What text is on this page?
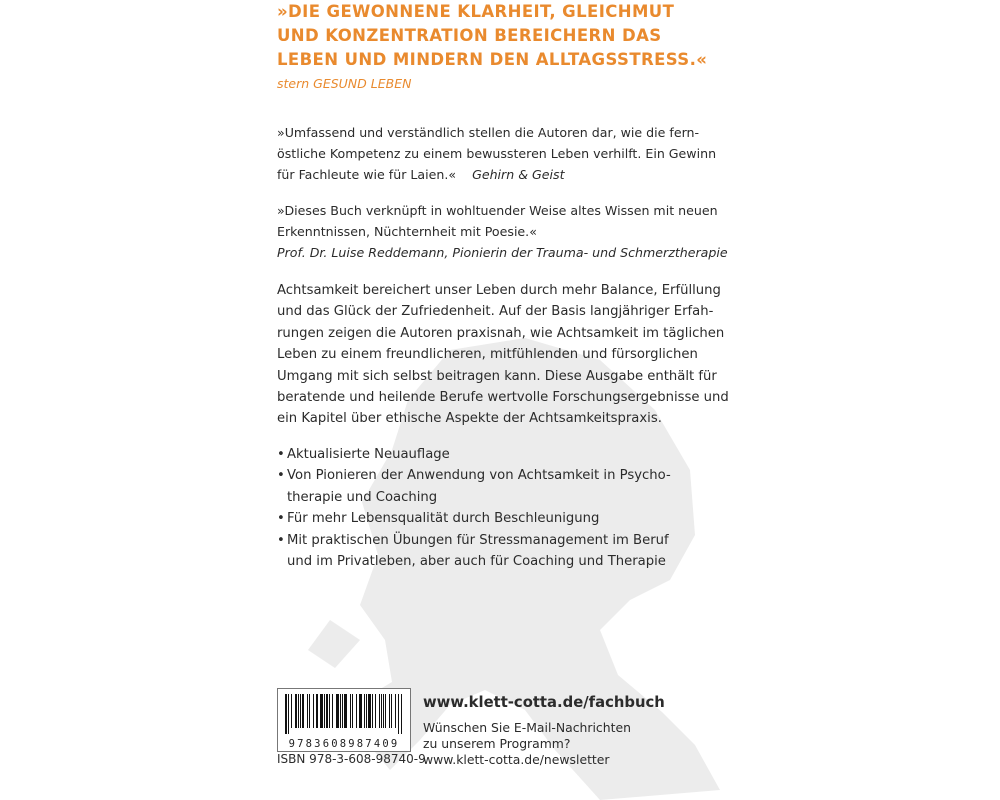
»DIE GEWONNENE KLARHEIT, GLEICHMUT
UND KONZENTRATION BEREICHERN DAS
LEBEN UND MINDERN DEN ALLTAGSSTRESS.«
stern GESUND LEBEN
»Umfassend und verständlich stellen die Autoren dar, wie die fern-
östliche Kompetenz zu einem bewussteren Leben verhilft. Ein Gewinn
für Fachleute wie für Laien.« Gehirn & Geist
»Dieses Buch verknüpft in wohltuender Weise altes Wissen mit neuen
Erkenntnissen, Nüchternheit mit Poesie.«
Prof. Dr. Luise Reddemann, Pionierin der Trauma- und Schmerztherapie
Achtsamkeit bereichert unser Leben durch mehr Balance, Erfüllung
und das Glück der Zufriedenheit. Auf der Basis langjähriger Erfah-
rungen zeigen die Autoren praxisnah, wie Achtsamkeit im täglichen
Leben zu einem freundlicheren, mitfühlenden und fürsorglichen
Umgang mit sich selbst beitragen kann. Diese Ausgabe enthält für
beratende und heilende Berufe wertvolle Forschungsergebnisse und
ein Kapitel über ethische Aspekte der Achtsamkeitspraxis.
• Aktualisierte Neuauflage
• Von Pionieren der Anwendung von Achtsamkeit in Psycho-
therapie und Coaching
• Für mehr Lebensqualität durch Beschleunigung
• Mit praktischen Übungen für Stressmanagement im Beruf
und im Privatleben, aber auch für Coaching und Therapie
9783608987409
ISBN 978-3-608-98740-9
www.klett-cotta.de/fachbuch
Wünschen Sie E-Mail-Nachrichten
zu unserem Programm?
www.klett-cotta.de/newsletter
